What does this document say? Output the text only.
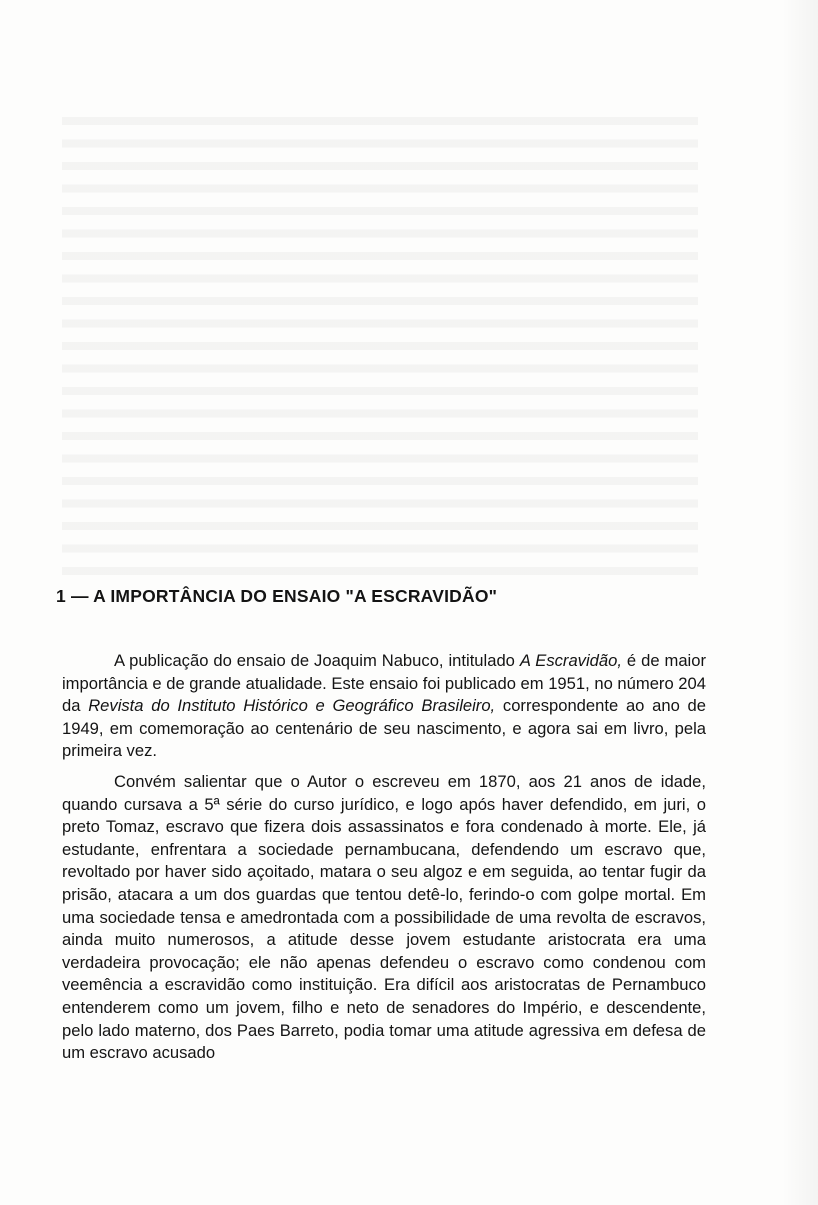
1 — A IMPORTÂNCIA DO ENSAIO "A ESCRAVIDÃO"

A publicação do ensaio de Joaquim Nabuco, intitulado A Escravidão, é de maior importância e de grande atualidade. Este ensaio foi publicado em 1951, no número 204 da Revista do Instituto Histórico e Geográfico Brasileiro, correspondente ao ano de 1949, em comemoração ao centenário de seu nascimento, e agora sai em livro, pela primeira vez.

Convém salientar que o Autor o escreveu em 1870, aos 21 anos de idade, quando cursava a 5ª série do curso jurídico, e logo após haver defendido, em juri, o preto Tomaz, escravo que fizera dois assassinatos e fora condenado à morte. Ele, já estudante, enfrentara a sociedade pernambucana, defendendo um escravo que, revoltado por haver sido açoitado, matara o seu algoz e em seguida, ao tentar fugir da prisão, atacara a um dos guardas que tentou detê-lo, ferindo-o com golpe mortal. Em uma sociedade tensa e amedrontada com a possibilidade de uma revolta de escravos, ainda muito numerosos, a atitude desse jovem estudante aristocrata era uma verdadeira provocação; ele não apenas defendeu o escravo como condenou com veemência a escravidão como instituição. Era difícil aos aristocratas de Pernambuco entenderem como um jovem, filho e neto de senadores do Império, e descendente, pelo lado materno, dos Paes Barreto, podia tomar uma atitude agressiva em defesa de um escravo acusado
